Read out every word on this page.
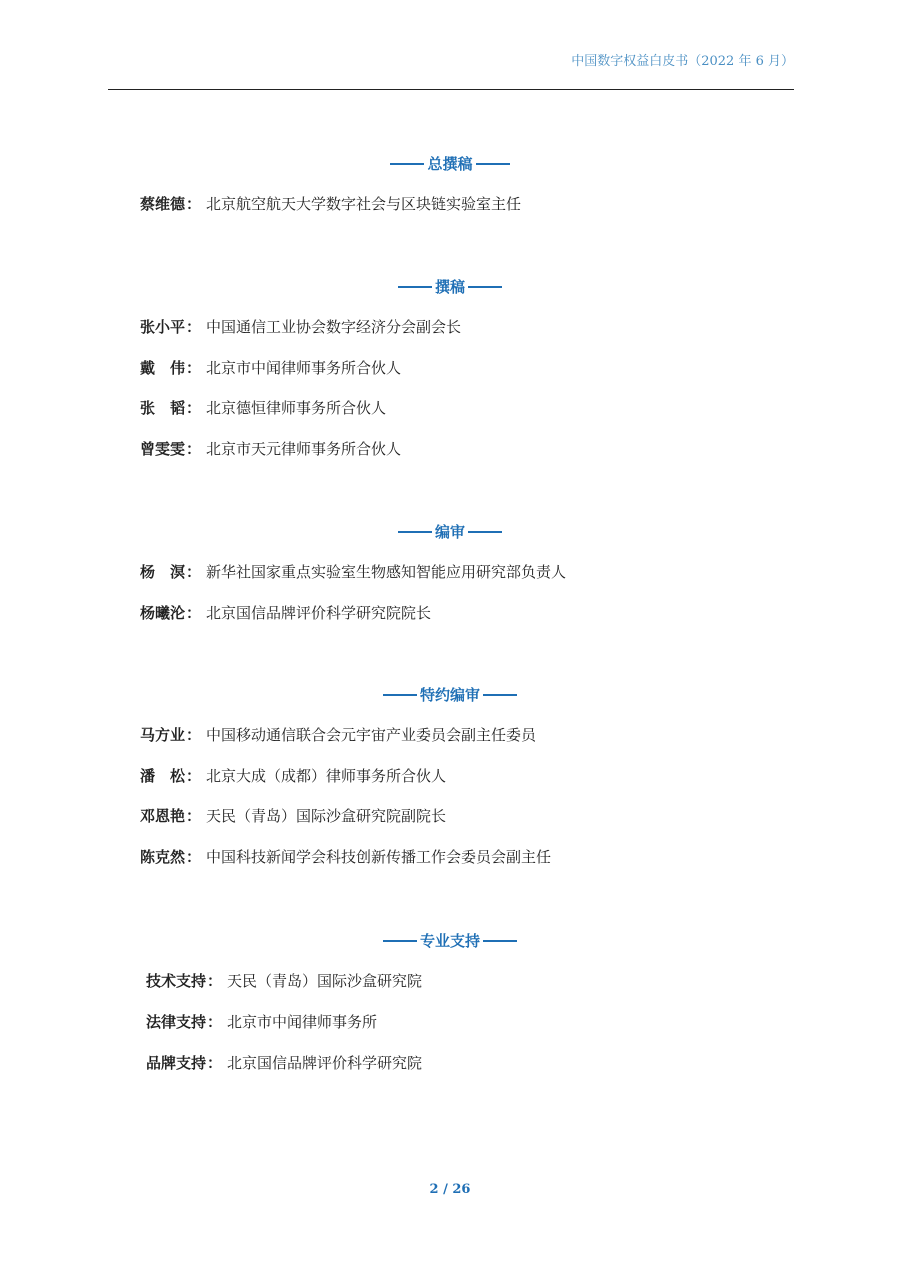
中国数字权益白皮书（2022 年 6 月）
总撰稿
蔡维德： 北京航空航天大学数字社会与区块链实验室主任
撰稿
张小平： 中国通信工业协会数字经济分会副会长
戴　伟： 北京市中闻律师事务所合伙人
张　韬： 北京德恒律师事务所合伙人
曾雯雯： 北京市天元律师事务所合伙人
编审
杨　溟： 新华社国家重点实验室生物感知智能应用研究部负责人
杨曦沦： 北京国信品牌评价科学研究院院长
特约编审
马方业： 中国移动通信联合会元宇宙产业委员会副主任委员
潘　松： 北京大成（成都）律师事务所合伙人
邓恩艳： 天民（青岛）国际沙盒研究院副院长
陈克然： 中国科技新闻学会科技创新传播工作会委员会副主任
专业支持
技术支持： 天民（青岛）国际沙盒研究院
法律支持： 北京市中闻律师事务所
品牌支持： 北京国信品牌评价科学研究院
2 / 26
